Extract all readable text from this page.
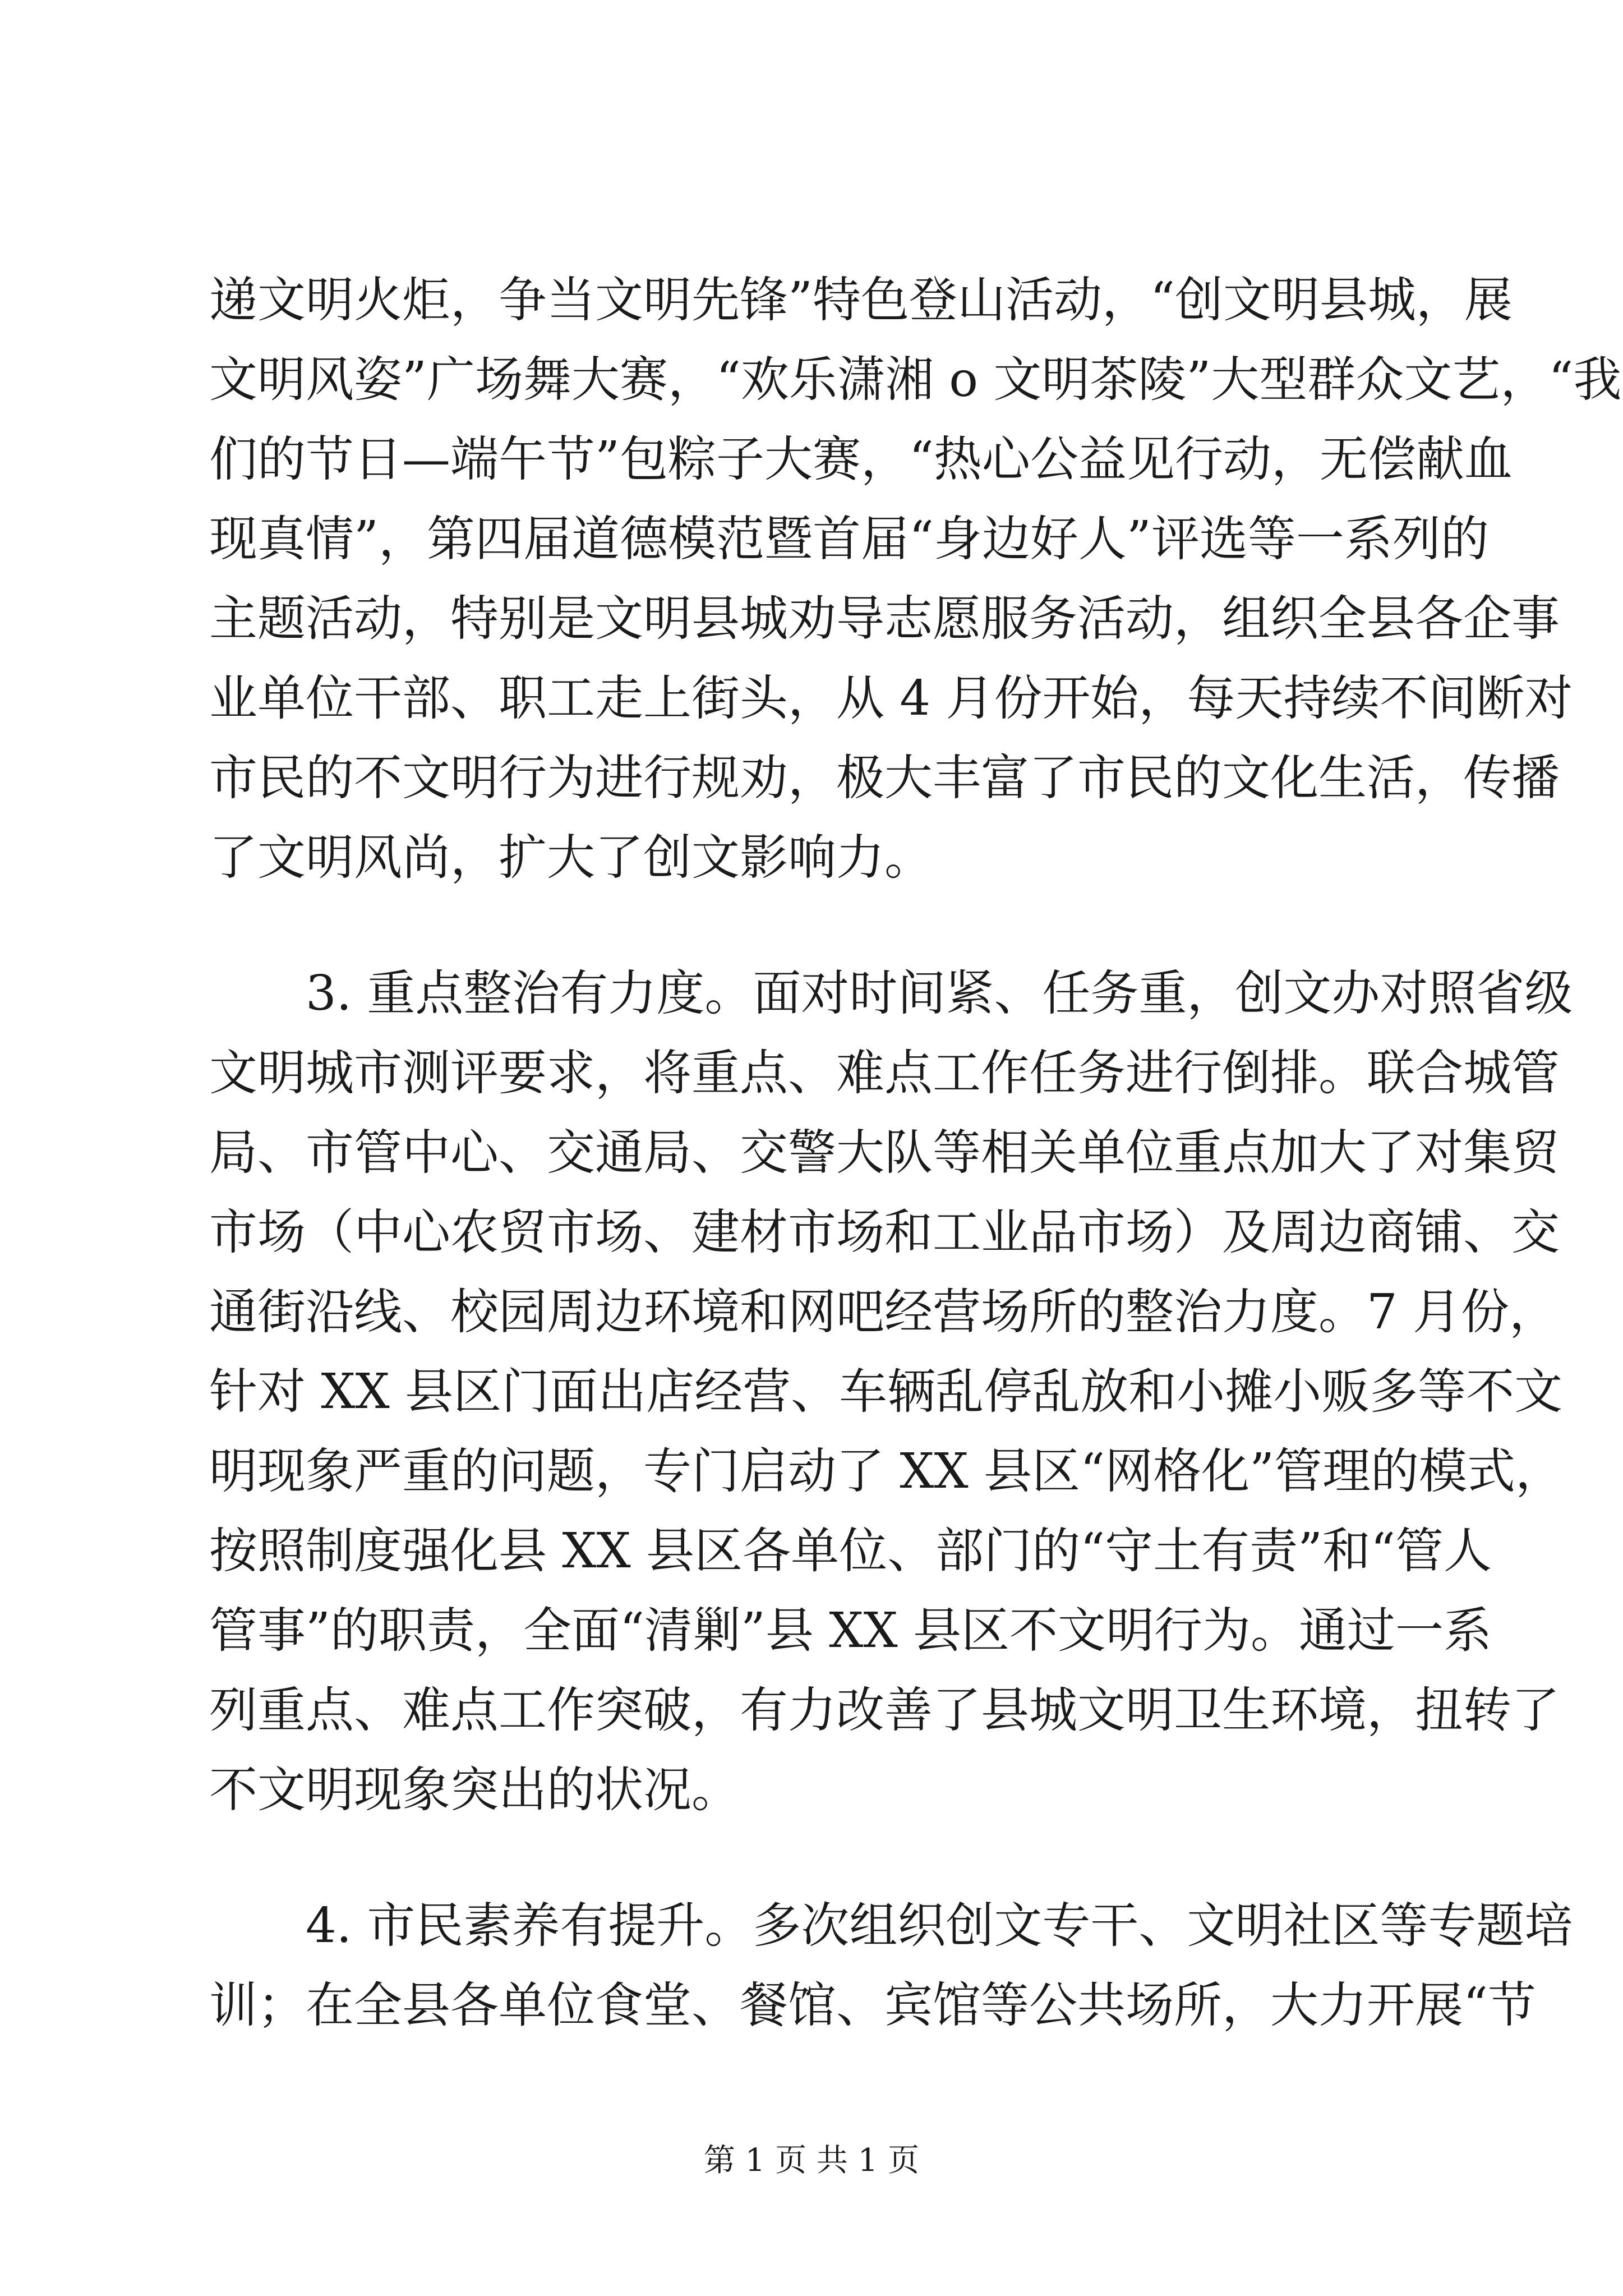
递文明火炬，争当文明先锋”特色登山活动，“创文明县城，展
文明风姿”广场舞大赛，“欢乐潇湘 o 文明茶陵”大型群众文艺，“我
们的节日—端午节”包粽子大赛，“热心公益见行动，无偿献血
现真情”，第四届道德模范暨首届“身边好人”评选等一系列的
主题活动，特别是文明县城劝导志愿服务活动，组织全县各企事
业单位干部、职工走上街头，从 4 月份开始，每天持续不间断对
市民的不文明行为进行规劝，极大丰富了市民的文化生活，传播
了文明风尚，扩大了创文影响力。
3. 重点整治有力度。面对时间紧、任务重，创文办对照省级
文明城市测评要求，将重点、难点工作任务进行倒排。联合城管
局、市管中心、交通局、交警大队等相关单位重点加大了对集贸
市场（中心农贸市场、建材市场和工业品市场）及周边商铺、交
通街沿线、校园周边环境和网吧经营场所的整治力度。7 月份，
针对 XX 县区门面出店经营、车辆乱停乱放和小摊小贩多等不文
明现象严重的问题，专门启动了 XX 县区“网格化”管理的模式，
按照制度强化县 XX 县区各单位、部门的“守土有责”和“管人
管事”的职责，全面“清剿”县 XX 县区不文明行为。通过一系
列重点、难点工作突破，有力改善了县城文明卫生环境，扭转了
不文明现象突出的状况。
4. 市民素养有提升。多次组织创文专干、文明社区等专题培
训；在全县各单位食堂、餐馆、宾馆等公共场所，大力开展“节
第 1 页 共 1 页
